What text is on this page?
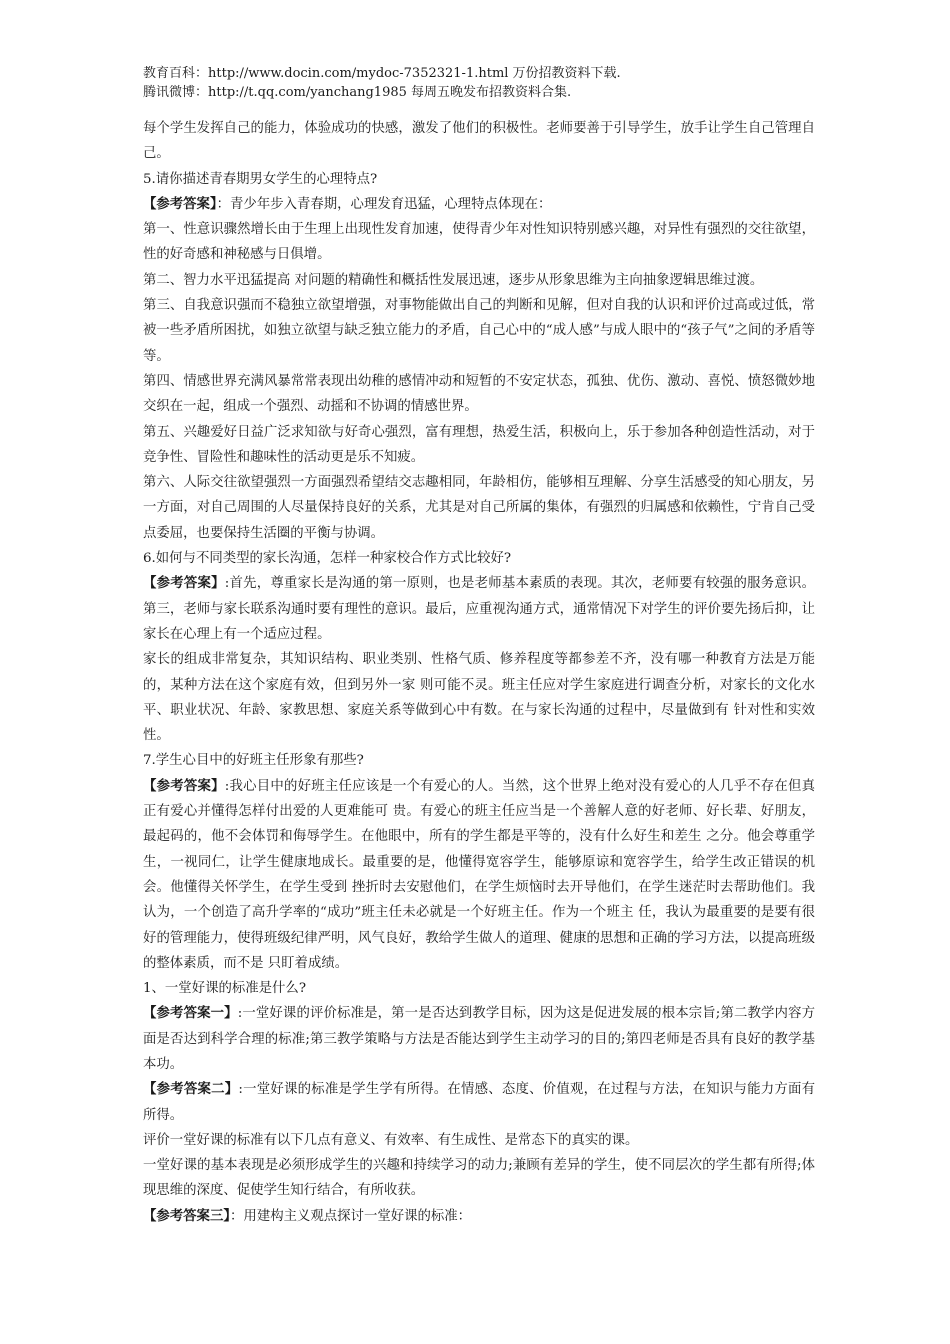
教育百科：http://www.docin.com/mydoc-7352321-1.html 万份招教资料下载.

腾讯微博：http://t.qq.com/yanchang1985 每周五晚发布招教资料合集.

每个学生发挥自己的能力，体验成功的快感，激发了他们的积极性。老师要善于引导学生，放手让学生自己管理自己。

5.请你描述青春期男女学生的心理特点?

【参考答案】：青少年步入青春期，心理发育迅猛，心理特点体现在：

第一、性意识骤然增长由于生理上出现性发育加速，使得青少年对性知识特别感兴趣，对异性有强烈的交往欲望，性的好奇感和神秘感与日俱增。

第二、智力水平迅猛提高 对问题的精确性和概括性发展迅速，逐步从形象思维为主向抽象逻辑思维过渡。

第三、自我意识强而不稳独立欲望增强，对事物能做出自己的判断和见解，但对自我的认识和评价过高或过低，常被一些矛盾所困扰，如独立欲望与缺乏独立能力的矛盾，自己心中的“成人感”与成人眼中的“孩子气”之间的矛盾等等。

第四、情感世界充满风暴常常表现出幼稚的感情冲动和短暂的不安定状态，孤独、优伤、激动、喜悦、愤怒微妙地交织在一起，组成一个强烈、动摇和不协调的情感世界。

第五、兴趣爱好日益广泛求知欲与好奇心强烈，富有理想，热爱生活，积极向上，乐于参加各种创造性活动，对于竞争性、冒险性和趣味性的活动更是乐不知疲。

第六、人际交往欲望强烈一方面强烈希望结交志趣相同，年龄相仿，能够相互理解、分享生活感受的知心朋友，另一方面，对自己周围的人尽量保持良好的关系，尤其是对自己所属的集体，有强烈的归属感和依赖性，宁肯自己受点委屈，也要保持生活圈的平衡与协调。

6.如何与不同类型的家长沟通，怎样一种家校合作方式比较好?

【参考答案】:首先，尊重家长是沟通的第一原则，也是老师基本素质的表现。其次，老师要有较强的服务意识。 第三，老师与家长联系沟通时要有理性的意识。最后，应重视沟通方式，通常情况下对学生的评价要先扬后抑，让家长在心理上有一个适应过程。

家长的组成非常复杂，其知识结构、职业类别、性格气质、修养程度等都参差不齐，没有哪一种教育方法是万能的，某种方法在这个家庭有效，但到另外一家 则可能不灵。班主任应对学生家庭进行调查分析，对家长的文化水平、职业状况、年龄、家教思想、家庭关系等做到心中有数。在与家长沟通的过程中，尽量做到有 针对性和实效性。

7.学生心目中的好班主任形象有那些?

【参考答案】:我心目中的好班主任应该是一个有爱心的人。当然，这个世界上绝对没有爱心的人几乎不存在但真正有爱心并懂得怎样付出爱的人更难能可 贵。有爱心的班主任应当是一个善解人意的好老师、好长辈、好朋友，最起码的，他不会体罚和侮辱学生。在他眼中，所有的学生都是平等的，没有什么好生和差生 之分。他会尊重学生，一视同仁，让学生健康地成长。最重要的是，他懂得宽容学生，能够原谅和宽容学生，给学生改正错误的机会。他懂得关怀学生，在学生受到 挫折时去安慰他们，在学生烦恼时去开导他们，在学生迷茫时去帮助他们。我认为，一个创造了高升学率的“成功”班主任未必就是一个好班主任。作为一个班主 任，我认为最重要的是要有很好的管理能力，使得班级纪律严明，风气良好，教给学生做人的道理、健康的思想和正确的学习方法，以提高班级的整体素质，而不是 只盯着成绩。

1、一堂好课的标准是什么?

【参考答案一】:一堂好课的评价标准是，第一是否达到教学目标，因为这是促进发展的根本宗旨;第二教学内容方面是否达到科学合理的标准;第三教学策略与方法是否能达到学生主动学习的目的;第四老师是否具有良好的教学基本功。

【参考答案二】:一堂好课的标准是学生学有所得。在情感、态度、价值观，在过程与方法，在知识与能力方面有所得。

评价一堂好课的标准有以下几点有意义、有效率、有生成性、是常态下的真实的课。

一堂好课的基本表现是必须形成学生的兴趣和持续学习的动力;兼顾有差异的学生，使不同层次的学生都有所得;体现思维的深度、促使学生知行结合，有所收获。

【参考答案三】：用建构主义观点探讨一堂好课的标准：
